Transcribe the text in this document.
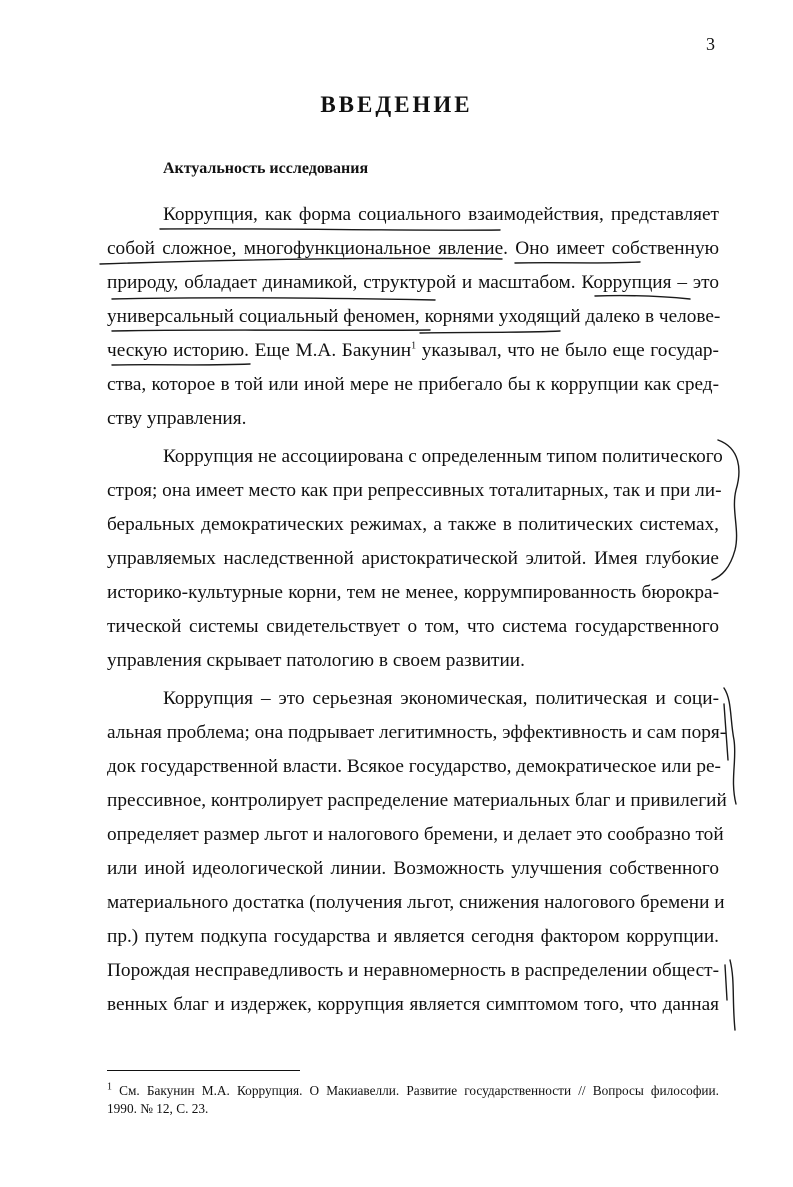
3
ВВЕДЕНИЕ
Актуальность исследования
Коррупция, как форма социального взаимодействия, представляет
собой сложное, многофункциональное явление. Оно имеет собственную
природу, обладает динамикой, структурой и масштабом. Коррупция – это
универсальный социальный феномен, корнями уходящий далеко в челове-
ческую историю. Еще М.А. Бакунин$^1$ указывал, что не было еще государ-
ства, которое в той или иной мере не прибегало бы к коррупции как сред-
ству управления.
Коррупция не ассоциирована с определенным типом политического
строя; она имеет место как при репрессивных тоталитарных, так и при ли-
беральных демократических режимах, а также в политических системах,
управляемых наследственной аристократической элитой. Имея глубокие
историко-культурные корни, тем не менее, коррумпированность бюрокра-
тической системы свидетельствует о том, что система государственного
управления скрывает патологию в своем развитии.
Коррупция – это серьезная экономическая, политическая и соци-
альная проблема; она подрывает легитимность, эффективность и сам поря-
док государственной власти. Всякое государство, демократическое или ре-
прессивное, контролирует распределение материальных благ и привилегий
определяет размер льгот и налогового бремени, и делает это сообразно той
или иной идеологической линии. Возможность улучшения собственного
материального достатка (получения льгот, снижения налогового бремени и
пр.) путем подкупа государства и является сегодня фактором коррупции.
Порождая несправедливость и неравномерность в распределении общест-
венных благ и издержек, коррупция является симптомом того, что данная
$^1$ См. Бакунин М.А. Коррупция. О Макиавелли. Развитие государственности // Вопросы философии.
1990. № 12, С. 23.
